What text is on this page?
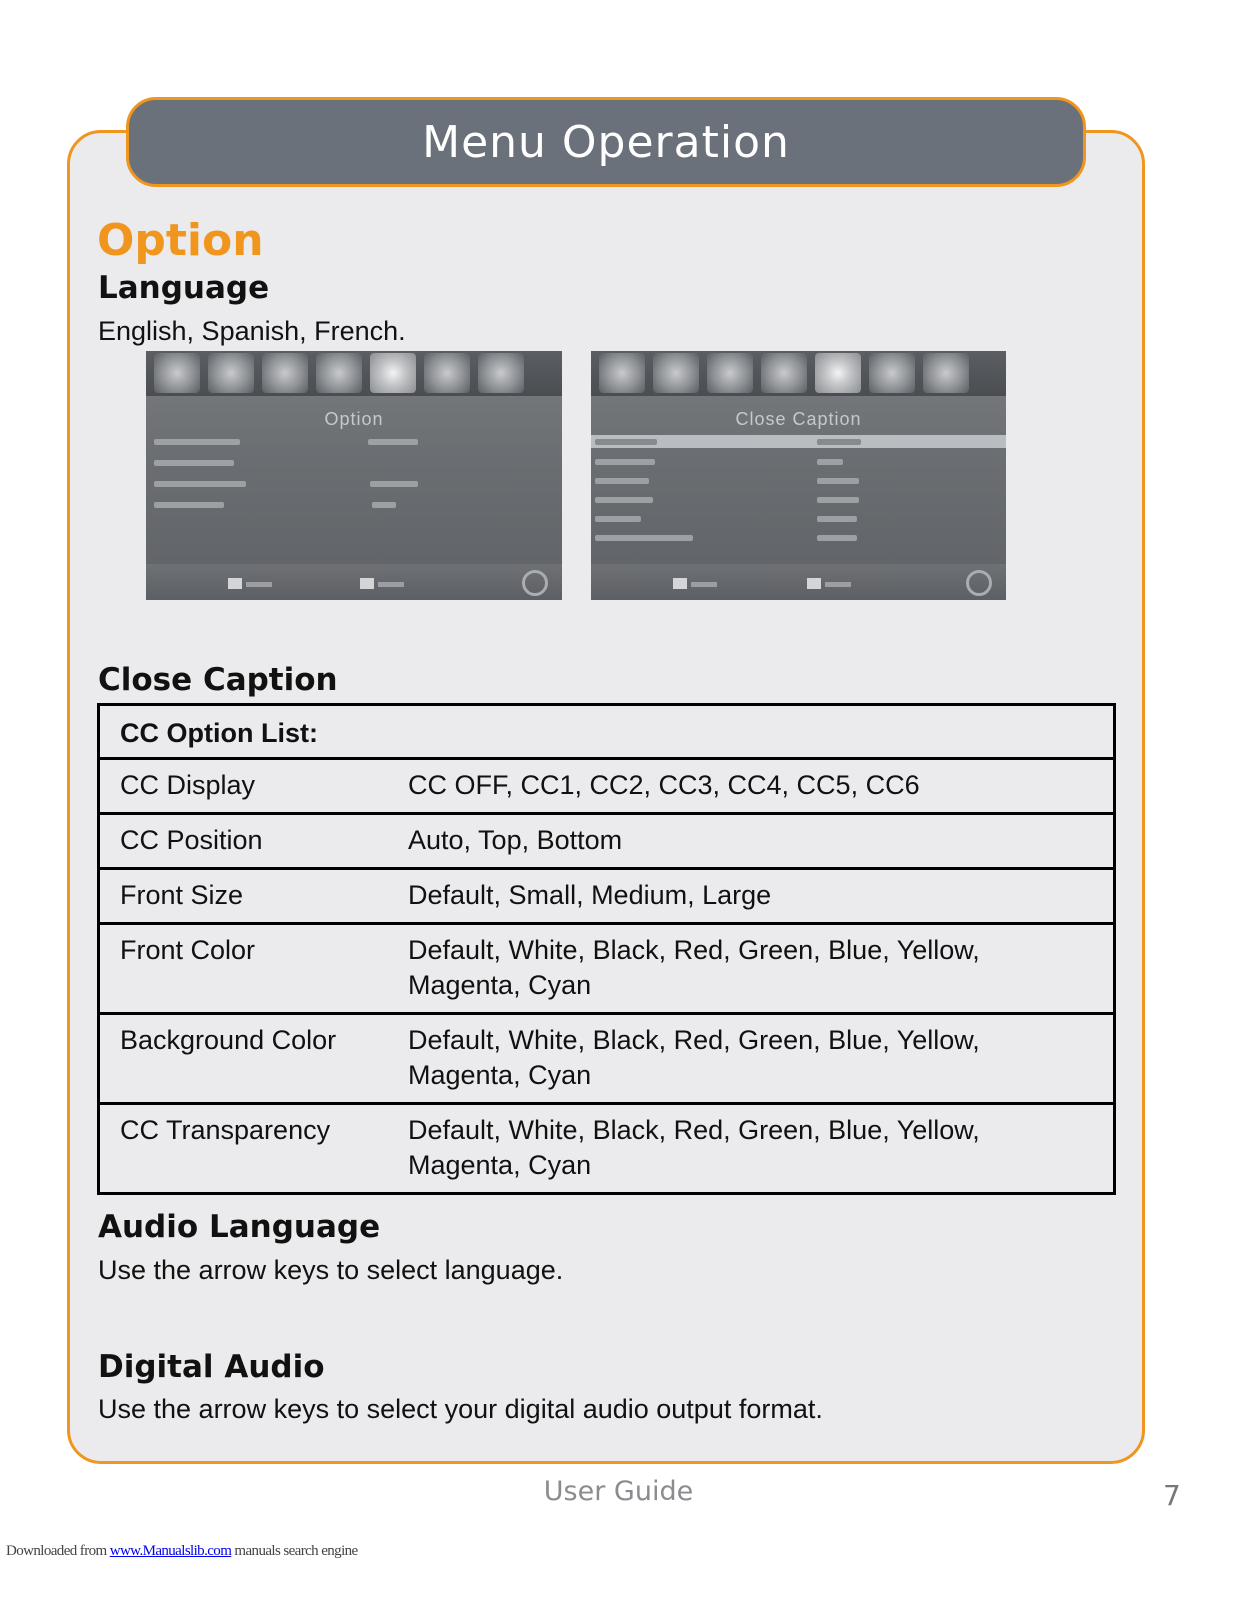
Menu Operation
Option
Language

English, Spanish, French.

Option	Close Caption
Close Caption
CC Option List:	
CC Display	CC OFF, CC1, CC2, CC3, CC4, CC5, CC6
CC Position	Auto, Top, Bottom
Front Size	Default, Small, Medium, Large
Front Color	Default, White, Black, Red, Green, Blue, Yellow, Magenta, Cyan
Background Color	Default, White, Black, Red, Green, Blue, Yellow, Magenta, Cyan
CC Transparency	Default, White, Black, Red, Green, Blue, Yellow, Magenta, Cyan
Audio Language

Use the arrow keys to select language.

Digital Audio

Use the arrow keys to select your digital audio output format.

User Guide	7
Downloaded from www.Manualslib.com manuals search engine
